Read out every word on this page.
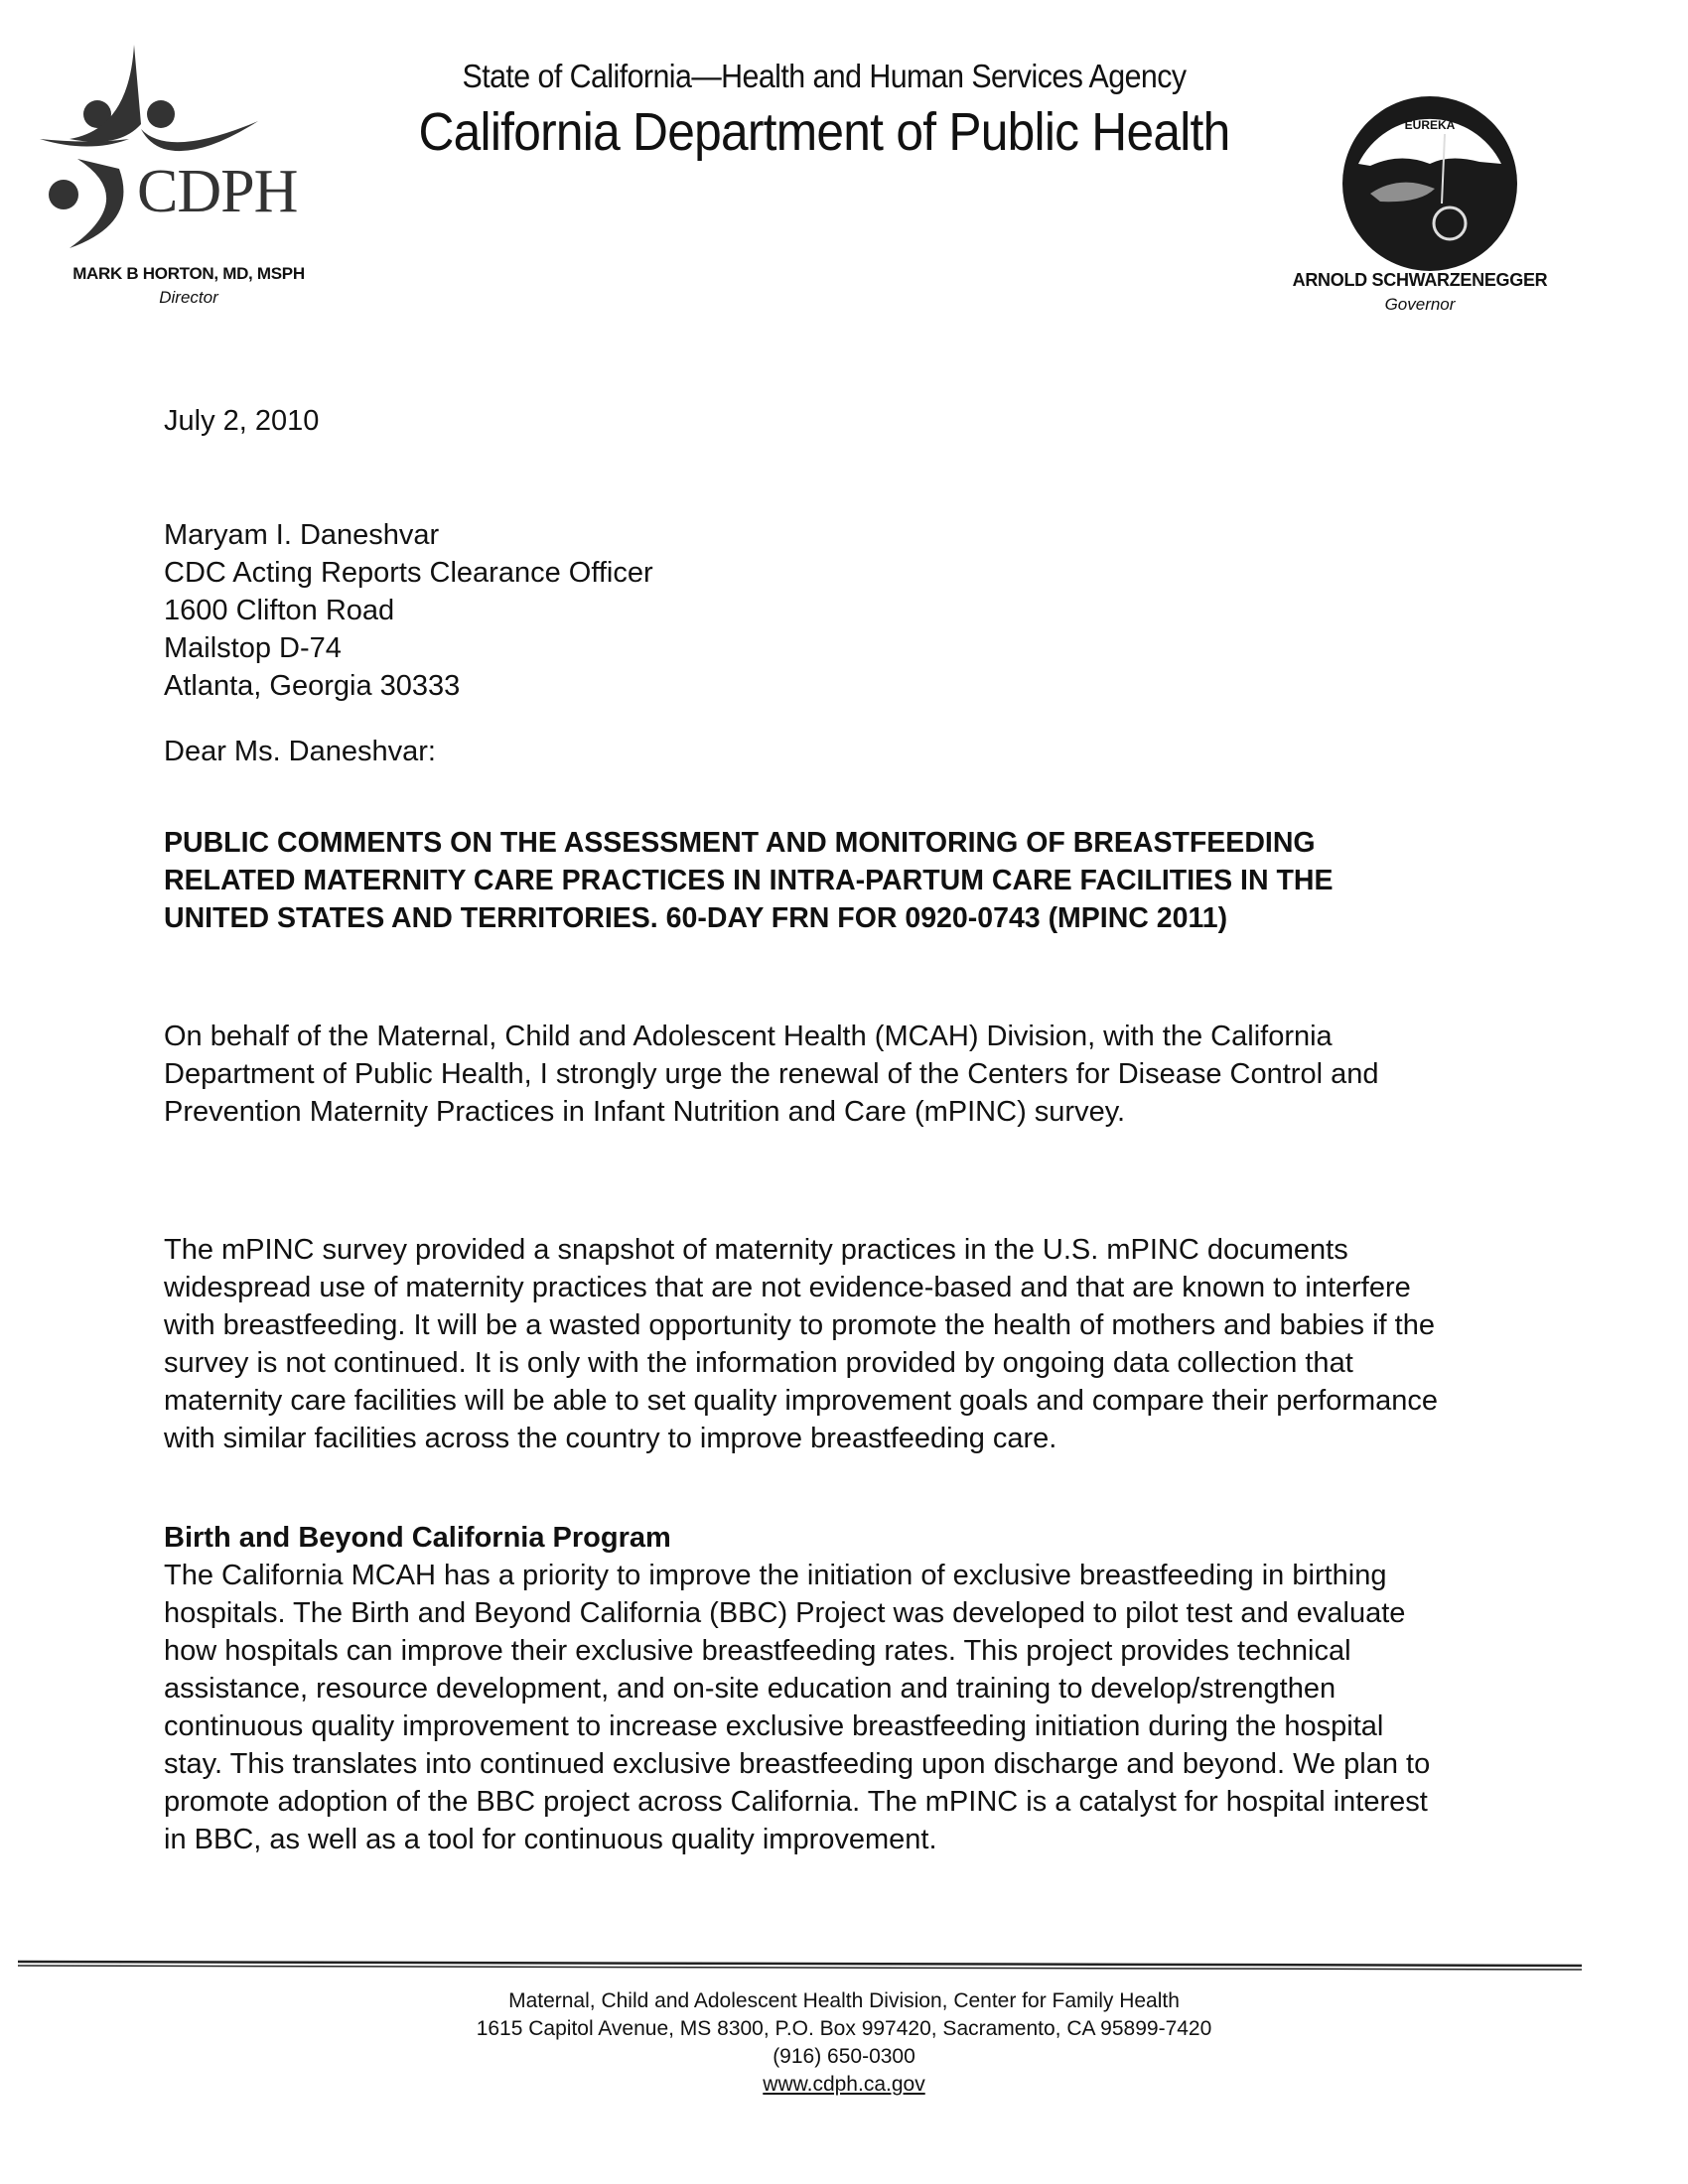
CDPH
MARK B HORTON, MD, MSPH
Director
State of California—Health and Human Services Agency
California Department of Public Health	EUREKA
ARNOLD SCHWARZENEGGER
Governor
July 2, 2010
Maryam I. Daneshvar
CDC Acting Reports Clearance Officer
1600 Clifton Road
Mailstop D-74
Atlanta, Georgia 30333
Dear Ms. Daneshvar:
PUBLIC COMMENTS ON THE ASSESSMENT AND MONITORING OF BREASTFEEDING RELATED MATERNITY CARE PRACTICES IN INTRA-PARTUM CARE FACILITIES IN THE UNITED STATES AND TERRITORIES. 60-DAY FRN FOR 0920-0743 (MPINC 2011)
On behalf of the Maternal, Child and Adolescent Health (MCAH) Division, with the California Department of Public Health, I strongly urge the renewal of the Centers for Disease Control and Prevention Maternity Practices in Infant Nutrition and Care (mPINC) survey.
The mPINC survey provided a snapshot of maternity practices in the U.S. mPINC documents widespread use of maternity practices that are not evidence-based and that are known to interfere with breastfeeding. It will be a wasted opportunity to promote the health of mothers and babies if the survey is not continued. It is only with the information provided by ongoing data collection that maternity care facilities will be able to set quality improvement goals and compare their performance with similar facilities across the country to improve breastfeeding care.
Birth and Beyond California Program
The California MCAH has a priority to improve the initiation of exclusive breastfeeding in birthing hospitals. The Birth and Beyond California (BBC) Project was developed to pilot test and evaluate how hospitals can improve their exclusive breastfeeding rates. This project provides technical assistance, resource development, and on-site education and training to develop/strengthen continuous quality improvement to increase exclusive breastfeeding initiation during the hospital stay. This translates into continued exclusive breastfeeding upon discharge and beyond. We plan to promote adoption of the BBC project across California. The mPINC is a catalyst for hospital interest in BBC, as well as a tool for continuous quality improvement.
Maternal, Child and Adolescent Health Division, Center for Family Health
1615 Capitol Avenue, MS 8300, P.O. Box 997420, Sacramento, CA 95899-7420
(916) 650-0300
www.cdph.ca.gov
